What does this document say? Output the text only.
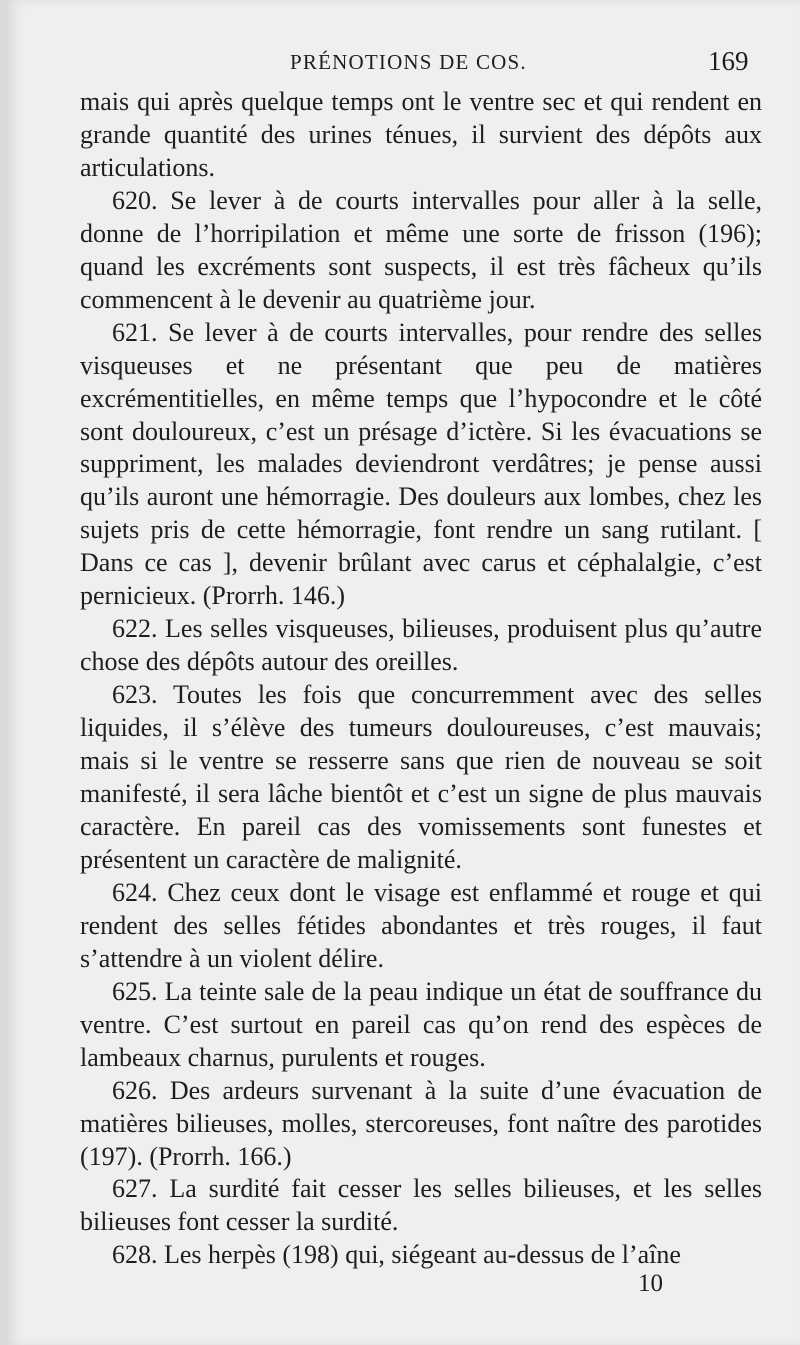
PRÉNOTIONS DE COS.	169

mais qui après quelque temps ont le ventre sec et qui rendent en grande quantité des urines ténues, il survient des dépôts aux articulations.

620. Se lever à de courts intervalles pour aller à la selle, donne de l’horripilation et même une sorte de frisson (196); quand les excréments sont suspects, il est très fâcheux qu’ils commencent à le devenir au quatrième jour.

621. Se lever à de courts intervalles, pour rendre des selles visqueuses et ne présentant que peu de matières excrémentitielles, en même temps que l’hypocondre et le côté sont douloureux, c’est un présage d’ictère. Si les évacuations se suppriment, les malades deviendront verdâtres; je pense aussi qu’ils auront une hémorragie. Des douleurs aux lombes, chez les sujets pris de cette hémorragie, font rendre un sang rutilant. [ Dans ce cas ], devenir brûlant avec carus et céphalalgie, c’est pernicieux. (Prorrh. 146.)

622. Les selles visqueuses, bilieuses, produisent plus qu’autre chose des dépôts autour des oreilles.

623. Toutes les fois que concurremment avec des selles liquides, il s’élève des tumeurs douloureuses, c’est mauvais; mais si le ventre se resserre sans que rien de nouveau se soit manifesté, il sera lâche bientôt et c’est un signe de plus mauvais caractère. En pareil cas des vomissements sont funestes et présentent un caractère de malignité.

624. Chez ceux dont le visage est enflammé et rouge et qui rendent des selles fétides abondantes et très rouges, il faut s’attendre à un violent délire.

625. La teinte sale de la peau indique un état de souffrance du ventre. C’est surtout en pareil cas qu’on rend des espèces de lambeaux charnus, purulents et rouges.

626. Des ardeurs survenant à la suite d’une évacuation de matières bilieuses, molles, stercoreuses, font naître des parotides (197). (Prorrh. 166.)

627. La surdité fait cesser les selles bilieuses, et les selles bilieuses font cesser la surdité.

628. Les herpès (198) qui, siégeant au-dessus de l’aîne

10
